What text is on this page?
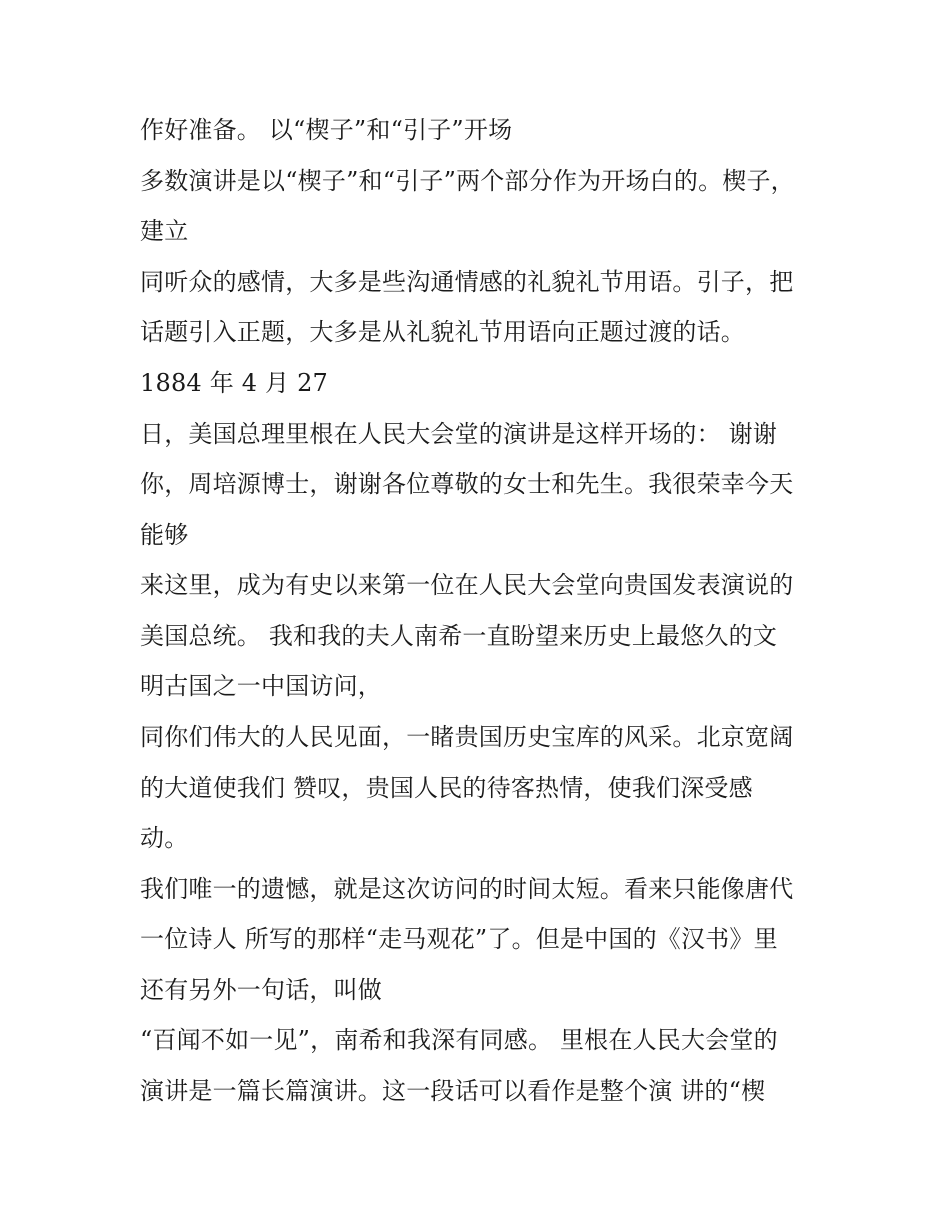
作好准备。 以“楔子”和“引子”开场

多数演讲是以“楔子”和“引子”两个部分作为开场白的。楔子，

建立

同听众的感情，大多是些沟通情感的礼貌礼节用语。引子，把

话题引入正题，大多是从礼貌礼节用语向正题过渡的话。

1884 年 4 月 27

日，美国总理里根在人民大会堂的演讲是这样开场的： 谢谢

你，周培源博士，谢谢各位尊敬的女士和先生。我很荣幸今天

能够

来这里，成为有史以来第一位在人民大会堂向贵国发表演说的

美国总统。 我和我的夫人南希一直盼望来历史上最悠久的文

明古国之一中国访问，

同你们伟大的人民见面，一睹贵国历史宝库的风采。北京宽阔

的大道使我们 赞叹，贵国人民的待客热情，使我们深受感

动。

我们唯一的遗憾，就是这次访问的时间太短。看来只能像唐代

一位诗人 所写的那样“走马观花”了。但是中国的《汉书》里

还有另外一句话，叫做

“百闻不如一见”，南希和我深有同感。 里根在人民大会堂的

演讲是一篇长篇演讲。这一段话可以看作是整个演 讲的“楔
